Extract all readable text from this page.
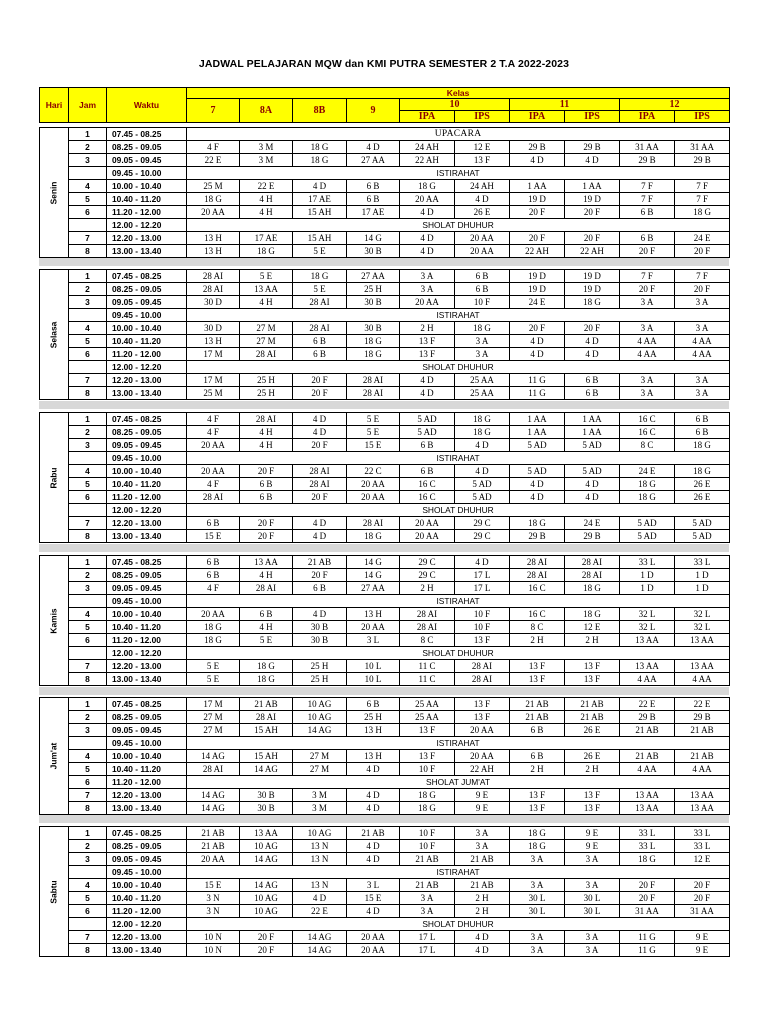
JADWAL PELAJARAN MQW dan KMI PUTRA SEMESTER 2 T.A 2022-2023
Hari	Jam	Waktu	Kelas									
			7	8A	8B	9	10		11		12	
							IPA	IPS	IPA	IPS	IPA	IPS
Senin	1	07.45 - 08.25	UPACARA									
	2	08.25 - 09.05	4 F	3 M	18 G	4 D	24 AH	12 E	29 B	29 B	31 AA	31 AA
	3	09.05 - 09.45	22 E	3 M	18 G	27 AA	22 AH	13 F	4 D	4 D	29 B	29 B
		09.45 - 10.00	ISTIRAHAT									
	4	10.00 - 10.40	25 M	22 E	4 D	6 B	18 G	24 AH	1 AA	1 AA	7 F	7 F
	5	10.40 - 11.20	18 G	4 H	17 AE	6 B	20 AA	4 D	19 D	19 D	7 F	7 F
	6	11.20 - 12.00	20 AA	4 H	15 AH	17 AE	4 D	26 E	20 F	20 F	6 B	18 G
		12.00 - 12.20	SHOLAT DHUHUR									
	7	12.20 - 13.00	13 H	17 AE	15 AH	14 G	4 D	20 AA	20 F	20 F	6 B	24 E
	8	13.00 - 13.40	13 H	18 G	5 E	30 B	4 D	20 AA	22 AH	22 AH	20 F	20 F
Selasa	1	07.45 - 08.25	28 AI	5 E	18 G	27 AA	3 A	6 B	19 D	19 D	7 F	7 F
	2	08.25 - 09.05	28 AI	13 AA	5 E	25 H	3 A	6 B	19 D	19 D	20 F	20 F
	3	09.05 - 09.45	30 D	4 H	28 AI	30 B	20 AA	10 F	24 E	18 G	3 A	3 A
		09.45 - 10.00	ISTIRAHAT									
	4	10.00 - 10.40	30 D	27 M	28 AI	30 B	2 H	18 G	20 F	20 F	3 A	3 A
	5	10.40 - 11.20	13 H	27 M	6 B	18 G	13 F	3 A	4 D	4 D	4 AA	4 AA
	6	11.20 - 12.00	17 M	28 AI	6 B	18 G	13 F	3 A	4 D	4 D	4 AA	4 AA
		12.00 - 12.20	SHOLAT DHUHUR									
	7	12.20 - 13.00	17 M	25 H	20 F	28 AI	4 D	25 AA	11 G	6 B	3 A	3 A
	8	13.00 - 13.40	25 M	25 H	20 F	28 AI	4 D	25 AA	11 G	6 B	3 A	3 A
Rabu	1	07.45 - 08.25	4 F	28 AI	4 D	5 E	5 AD	18 G	1 AA	1 AA	16 C	6 B
	2	08.25 - 09.05	4 F	4 H	4 D	5 E	5 AD	18 G	1 AA	1 AA	16 C	6 B
	3	09.05 - 09.45	20 AA	4 H	20 F	15 E	6 B	4 D	5 AD	5 AD	8 C	18 G
		09.45 - 10.00	ISTIRAHAT									
	4	10.00 - 10.40	20 AA	20 F	28 AI	22 C	6 B	4 D	5 AD	5 AD	24 E	18 G
	5	10.40 - 11.20	4 F	6 B	28 AI	20 AA	16 C	5 AD	4 D	4 D	18 G	26 E
	6	11.20 - 12.00	28 AI	6 B	20 F	20 AA	16 C	5 AD	4 D	4 D	18 G	26 E
		12.00 - 12.20	SHOLAT DHUHUR									
	7	12.20 - 13.00	6 B	20 F	4 D	28 AI	20 AA	29 C	18 G	24 E	5 AD	5 AD
	8	13.00 - 13.40	15 E	20 F	4 D	18 G	20 AA	29 C	29 B	29 B	5 AD	5 AD
Kamis	1	07.45 - 08.25	6 B	13 AA	21 AB	14 G	29 C	4 D	28 AI	28 AI	33 L	33 L
	2	08.25 - 09.05	6 B	4 H	20 F	14 G	29 C	17 L	28 AI	28 AI	1 D	1 D
	3	09.05 - 09.45	4 F	28 AI	6 B	27 AA	2 H	17 L	16 C	18 G	1 D	1 D
		09.45 - 10.00	ISTIRAHAT									
	4	10.00 - 10.40	20 AA	6 B	4 D	13 H	28 AI	10 F	16 C	18 G	32 L	32 L
	5	10.40 - 11.20	18 G	4 H	30 B	20 AA	28 AI	10 F	8 C	12 E	32 L	32 L
	6	11.20 - 12.00	18 G	5 E	30 B	3 L	8 C	13 F	2 H	2 H	13 AA	13 AA
		12.00 - 12.20	SHOLAT DHUHUR									
	7	12.20 - 13.00	5 E	18 G	25 H	10 L	11 C	28 AI	13 F	13 F	13 AA	13 AA
	8	13.00 - 13.40	5 E	18 G	25 H	10 L	11 C	28 AI	13 F	13 F	4 AA	4 AA
Jum'at	1	07.45 - 08.25	17 M	21 AB	10 AG	6 B	25 AA	13 F	21 AB	21 AB	22 E	22 E
	2	08.25 - 09.05	27 M	28 AI	10 AG	25 H	25 AA	13 F	21 AB	21 AB	29 B	29 B
	3	09.05 - 09.45	27 M	15 AH	14 AG	13 H	13 F	20 AA	6 B	26 E	21 AB	21 AB
		09.45 - 10.00	ISTIRAHAT									
	4	10.00 - 10.40	14 AG	15 AH	27 M	13 H	13 F	20 AA	6 B	26 E	21 AB	21 AB
	5	10.40 - 11.20	28 AI	14 AG	27 M	4 D	10 F	22 AH	2 H	2 H	4 AA	4 AA
	6	11.20 - 12.00	SHOLAT JUM'AT									
	7	12.20 - 13.00	14 AG	30 B	3 M	4 D	18 G	9 E	13 F	13 F	13 AA	13 AA
	8	13.00 - 13.40	14 AG	30 B	3 M	4 D	18 G	9 E	13 F	13 F	13 AA	13 AA
Sabtu	1	07.45 - 08.25	21 AB	13 AA	10 AG	21 AB	10 F	3 A	18 G	9 E	33 L	33 L
	2	08.25 - 09.05	21 AB	10 AG	13 N	4 D	10 F	3 A	18 G	9 E	33 L	33 L
	3	09.05 - 09.45	20 AA	14 AG	13 N	4 D	21 AB	21 AB	3 A	3 A	18 G	12 E
		09.45 - 10.00	ISTIRAHAT									
	4	10.00 - 10.40	15 E	14 AG	13 N	3 L	21 AB	21 AB	3 A	3 A	20 F	20 F
	5	10.40 - 11.20	3 N	10 AG	4 D	15 E	3 A	2 H	30 L	30 L	20 F	20 F
	6	11.20 - 12.00	3 N	10 AG	22 E	4 D	3 A	2 H	30 L	30 L	31 AA	31 AA
		12.00 - 12.20	SHOLAT DHUHUR									
	7	12.20 - 13.00	10 N	20 F	14 AG	20 AA	17 L	4 D	3 A	3 A	11 G	9 E
	8	13.00 - 13.40	10 N	20 F	14 AG	20 AA	17 L	4 D	3 A	3 A	11 G	9 E
